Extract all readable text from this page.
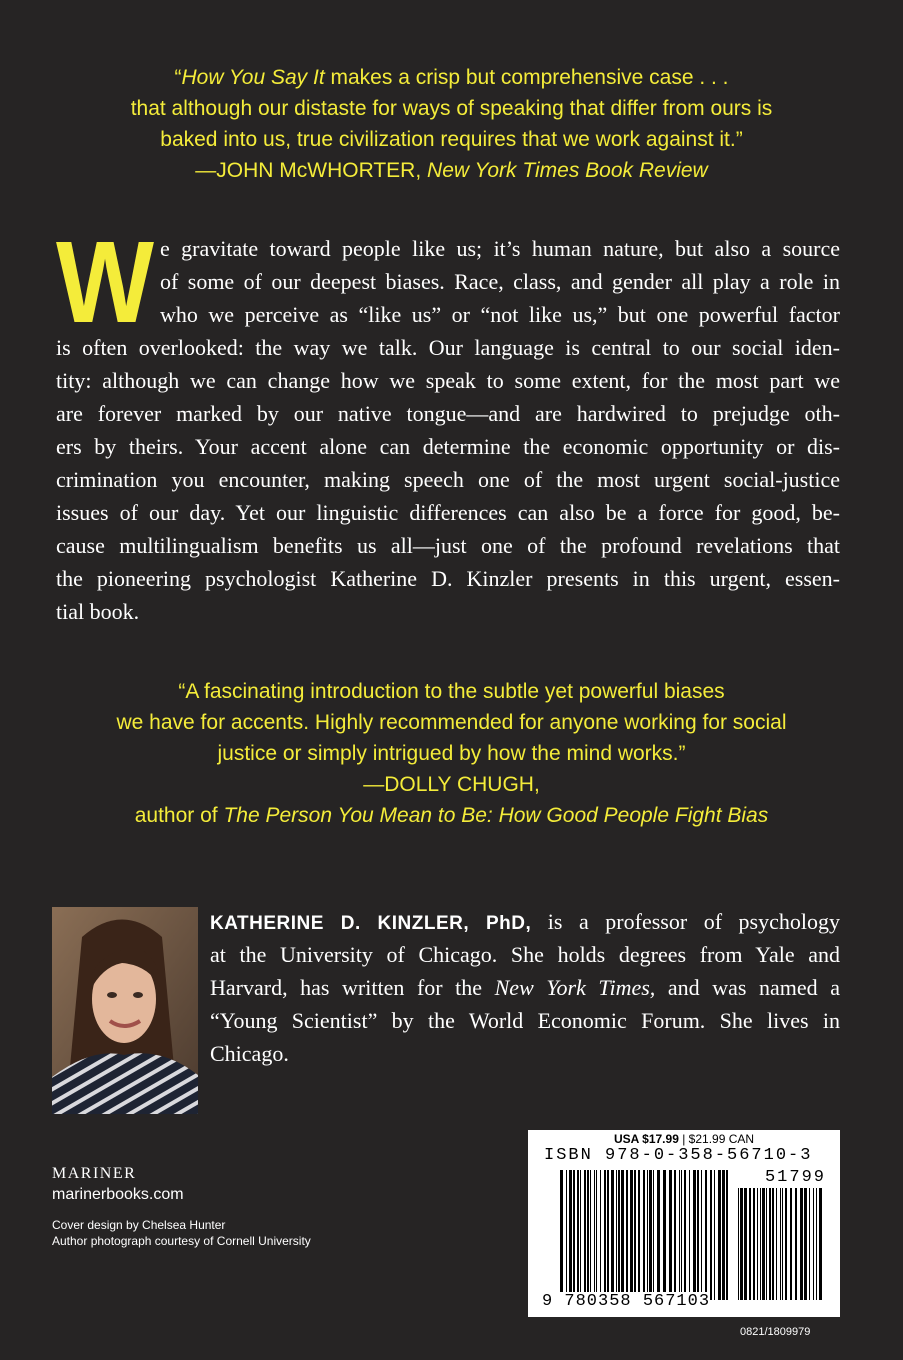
“How You Say It makes a crisp but comprehensive case . . .
that although our distaste for ways of speaking that differ from ours is
baked into us, true civilization requires that we work against it.”
—JOHN McWHORTER, New York Times Book Review
W e gravitate toward people like us; it’s human nature, but also a source
of some of our deepest biases. Race, class, and gender all play a role in
who we perceive as “like us” or “not like us,” but one powerful factor
is often overlooked: the way we talk. Our language is central to our social iden-
tity: although we can change how we speak to some extent, for the most part we
are forever marked by our native tongue—and are hardwired to prejudge oth-
ers by theirs. Your accent alone can determine the economic opportunity or dis-
crimination you encounter, making speech one of the most urgent social-justice
issues of our day. Yet our linguistic differences can also be a force for good, be-
cause multilingualism benefits us all—just one of the profound revelations that
the pioneering psychologist Katherine D. Kinzler presents in this urgent, essen-
tial book.
“A fascinating introduction to the subtle yet powerful biases
we have for accents. Highly recommended for anyone working for social
justice or simply intrigued by how the mind works.”
—DOLLY CHUGH,
author of The Person You Mean to Be: How Good People Fight Bias
KATHERINE D. KINZLER, PhD, is a professor of psychology
at the University of Chicago. She holds degrees from Yale and
Harvard, has written for the New York Times, and was named a
“Young Scientist” by the World Economic Forum. She lives in
Chicago.
MARINER
marinerbooks.com
Cover design by Chelsea Hunter
Author photograph courtesy of Cornell University
USA $17.99 | $21.99 CAN
ISBN 978-0-358-56710-3
51799
9 780358 567103
0821/1809979
